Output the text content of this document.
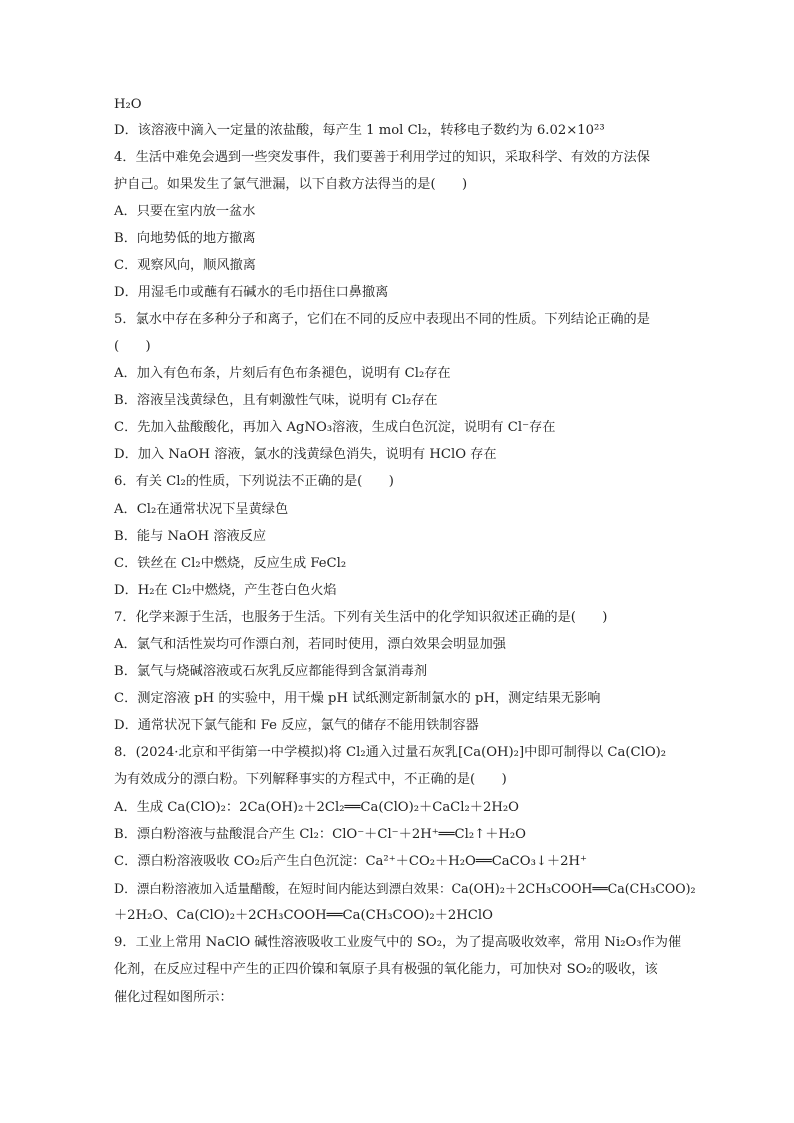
H₂O
D．该溶液中滴入一定量的浓盐酸，每产生 1 mol Cl₂，转移电子数约为 6.02×10²³
4．生活中难免会遇到一些突发事件，我们要善于利用学过的知识，采取科学、有效的方法保
护自己。如果发生了氯气泄漏，以下自救方法得当的是(　　)
A．只要在室内放一盆水
B．向地势低的地方撤离
C．观察风向，顺风撤离
D．用湿毛巾或蘸有石碱水的毛巾捂住口鼻撤离
5．氯水中存在多种分子和离子，它们在不同的反应中表现出不同的性质。下列结论正确的是
(　　)
A．加入有色布条，片刻后有色布条褪色，说明有 Cl₂存在
B．溶液呈浅黄绿色，且有刺激性气味，说明有 Cl₂存在
C．先加入盐酸酸化，再加入 AgNO₃溶液，生成白色沉淀，说明有 Cl⁻存在
D．加入 NaOH 溶液，氯水的浅黄绿色消失，说明有 HClO 存在
6．有关 Cl₂的性质，下列说法不正确的是(　　)
A．Cl₂在通常状况下呈黄绿色
B．能与 NaOH 溶液反应
C．铁丝在 Cl₂中燃烧，反应生成 FeCl₂
D．H₂在 Cl₂中燃烧，产生苍白色火焰
7．化学来源于生活，也服务于生活。下列有关生活中的化学知识叙述正确的是(　　)
A．氯气和活性炭均可作漂白剂，若同时使用，漂白效果会明显加强
B．氯气与烧碱溶液或石灰乳反应都能得到含氯消毒剂
C．测定溶液 pH 的实验中，用干燥 pH 试纸测定新制氯水的 pH，测定结果无影响
D．通常状况下氯气能和 Fe 反应，氯气的储存不能用铁制容器
8．(2024·北京和平街第一中学模拟)将 Cl₂通入过量石灰乳[Ca(OH)₂]中即可制得以 Ca(ClO)₂
为有效成分的漂白粉。下列解释事实的方程式中，不正确的是(　　)
A．生成 Ca(ClO)₂：2Ca(OH)₂＋2Cl₂══Ca(ClO)₂＋CaCl₂＋2H₂O
B．漂白粉溶液与盐酸混合产生 Cl₂：ClO⁻＋Cl⁻＋2H⁺══Cl₂↑＋H₂O
C．漂白粉溶液吸收 CO₂后产生白色沉淀：Ca²⁺＋CO₂＋H₂O══CaCO₃↓＋2H⁺
D．漂白粉溶液加入适量醋酸，在短时间内能达到漂白效果：Ca(OH)₂＋2CH₃COOH══Ca(CH₃COO)₂
＋2H₂O、Ca(ClO)₂＋2CH₃COOH══Ca(CH₃COO)₂＋2HClO
9．工业上常用 NaClO 碱性溶液吸收工业废气中的 SO₂，为了提高吸收效率，常用 Ni₂O₃作为催
化剂，在反应过程中产生的正四价镍和氧原子具有极强的氧化能力，可加快对 SO₂的吸收，该
催化过程如图所示：
